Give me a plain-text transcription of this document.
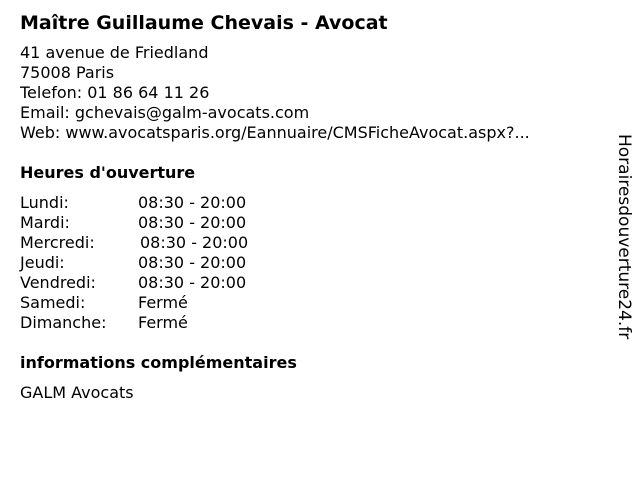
Maître Guillaume Chevais - Avocat
41 avenue de Friedland
75008 Paris
Telefon: 01 86 64 11 26
Email: gchevais@galm-avocats.com
Web: www.avocatsparis.org/Eannuaire/CMSFicheAvocat.aspx?...
Heures d'ouverture
Lundi:	08:30 - 20:00
Mardi:	08:30 - 20:00
Mercredi:	08:30 - 20:00
Jeudi:	08:30 - 20:00
Vendredi:	08:30 - 20:00
Samedi:	Fermé
Dimanche: Fermé
informations complémentaires
GALM Avocats
Horairesdouverture24.fr
